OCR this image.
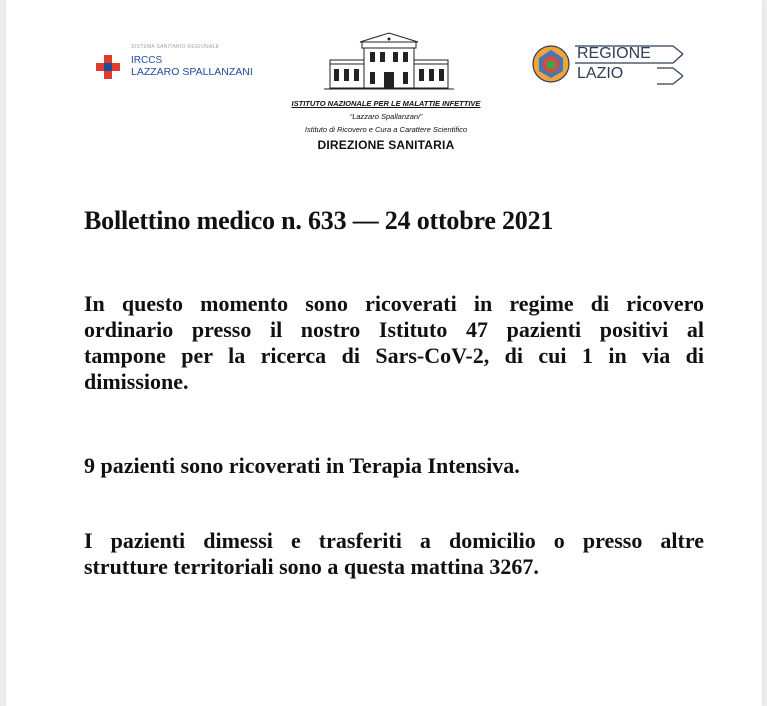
SISTEMA SANITARIO REGIONALE
IRCCS
LAZZARO SPALLANZANI
REGIONE
LAZIO
ISTITUTO NAZIONALE PER LE MALATTIE INFETTIVE
“Lazzaro Spallanzani”
Istituto di Ricovero e Cura a Carattere Scientifico
DIREZIONE SANITARIA
Bollettino medico n. 633 — 24 ottobre 2021
In questo momento sono ricoverati in regime di ricovero
ordinario presso il nostro Istituto 47 pazienti positivi al
tampone per la ricerca di Sars-CoV-2, di cui 1 in via di
dimissione.
9 pazienti sono ricoverati in Terapia Intensiva.
I pazienti dimessi e trasferiti a domicilio o presso altre
strutture territoriali sono a questa mattina 3267.
